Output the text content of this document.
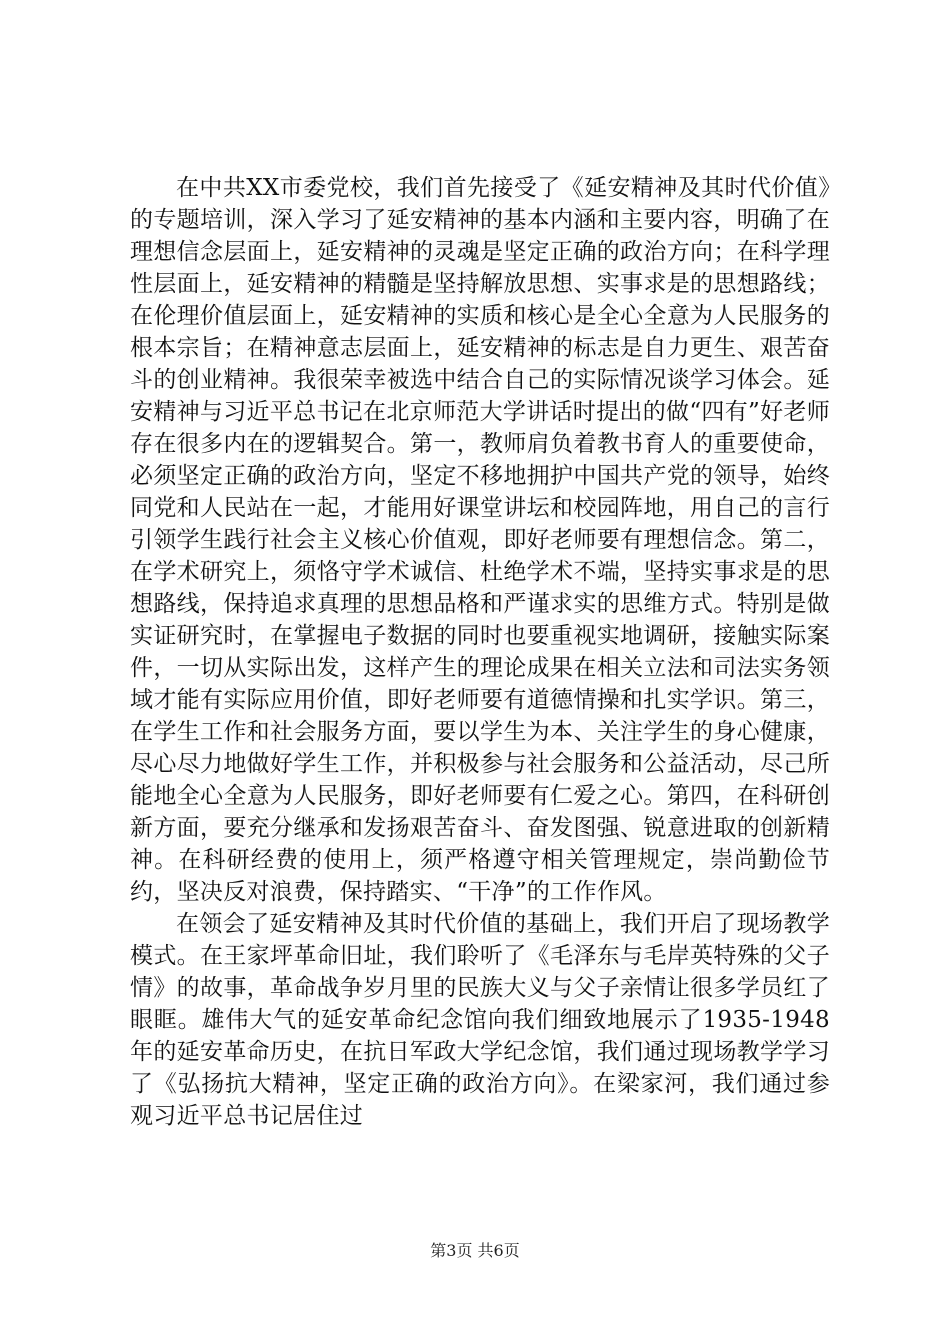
在中共XX市委党校，我们首先接受了《延安精神及其时代价值》的专题培训，深入学习了延安精神的基本内涵和主要内容，明确了在理想信念层面上，延安精神的灵魂是坚定正确的政治方向；在科学理性层面上，延安精神的精髓是坚持解放思想、实事求是的思想路线；在伦理价值层面上，延安精神的实质和核心是全心全意为人民服务的根本宗旨；在精神意志层面上，延安精神的标志是自力更生、艰苦奋斗的创业精神。我很荣幸被选中结合自己的实际情况谈学习体会。延安精神与习近平总书记在北京师范大学讲话时提出的做“四有”好老师存在很多内在的逻辑契合。第一，教师肩负着教书育人的重要使命，必须坚定正确的政治方向，坚定不移地拥护中国共产党的领导，始终同党和人民站在一起，才能用好课堂讲坛和校园阵地，用自己的言行引领学生践行社会主义核心价值观，即好老师要有理想信念。第二，在学术研究上，须恪守学术诚信、杜绝学术不端，坚持实事求是的思想路线，保持追求真理的思想品格和严谨求实的思维方式。特别是做实证研究时，在掌握电子数据的同时也要重视实地调研，接触实际案件，一切从实际出发，这样产生的理论成果在相关立法和司法实务领域才能有实际应用价值，即好老师要有道德情操和扎实学识。第三，在学生工作和社会服务方面，要以学生为本、关注学生的身心健康，尽心尽力地做好学生工作，并积极参与社会服务和公益活动，尽己所能地全心全意为人民服务，即好老师要有仁爱之心。第四，在科研创新方面，要充分继承和发扬艰苦奋斗、奋发图强、锐意进取的创新精神。在科研经费的使用上，须严格遵守相关管理规定，崇尚勤俭节约，坚决反对浪费，保持踏实、“干净”的工作作风。

在领会了延安精神及其时代价值的基础上，我们开启了现场教学模式。在王家坪革命旧址，我们聆听了《毛泽东与毛岸英特殊的父子情》的故事，革命战争岁月里的民族大义与父子亲情让很多学员红了眼眶。雄伟大气的延安革命纪念馆向我们细致地展示了1935-1948年的延安革命历史，在抗日军政大学纪念馆，我们通过现场教学学习了《弘扬抗大精神，坚定正确的政治方向》。在梁家河，我们通过参观习近平总书记居住过

第3页 共6页
